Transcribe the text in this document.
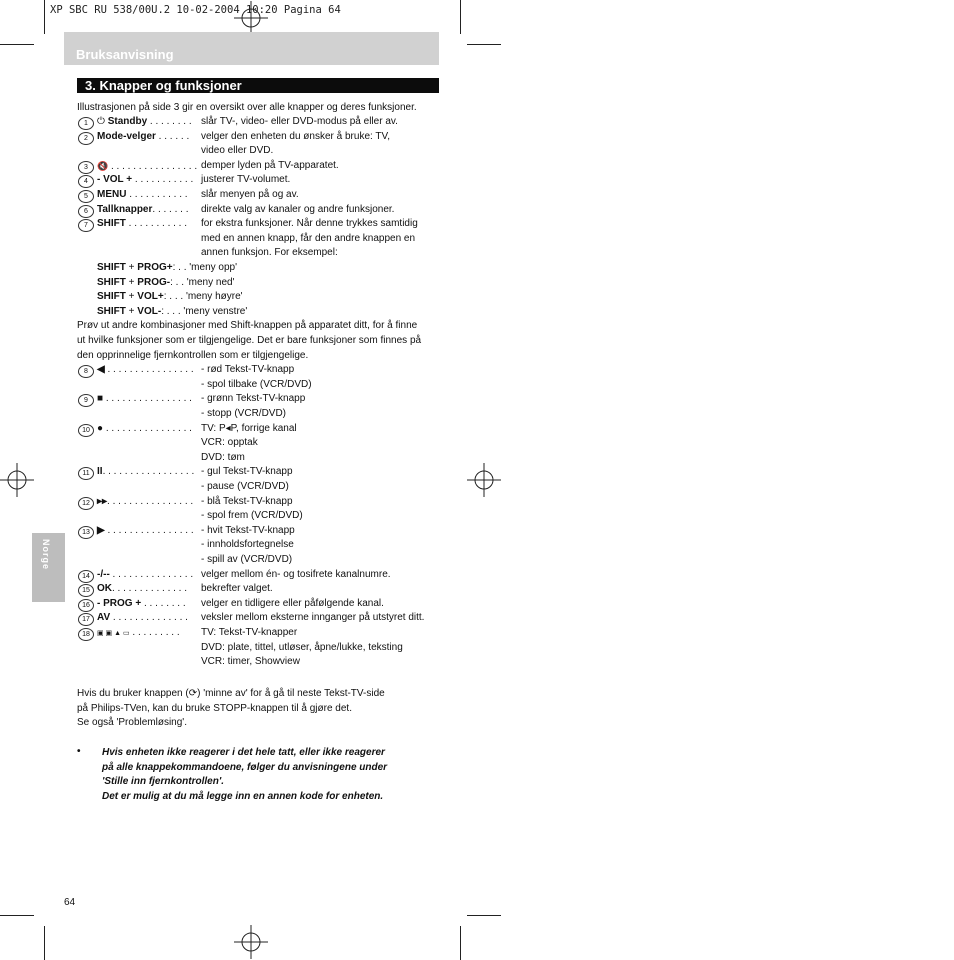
XP SBC RU 538/00U.2 10-02-2004 10:20 Pagina 64
Bruksanvisning
3. Knapper og funksjoner
Norge
Illustrasjonen på side 3 gir en oversikt over alle knapper og deres funksjoner.
1 ⏻ Standby . . . . . . . . slår TV-, video- eller DVD-modus på eller av.
2 Mode-velger . . . . . . velger den enheten du ønsker å bruke: TV,
video eller DVD.
3	🔇 . . . . . . . . . . . . . . . . demper lyden på TV-apparatet.
4 - VOL + . . . . . . . . . . . justerer TV-volumet.
5 MENU . . . . . . . . . . . slår menyen på og av.
6 Tallknapper. . . . . . . direkte valg av kanaler og andre funksjoner.
7 SHIFT . . . . . . . . . . . for ekstra funksjoner. Når denne trykkes samtidig
med en annen knapp, får den andre knappen en
annen funksjon. For eksempel:
SHIFT + PROG+: . . 'meny opp'
SHIFT + PROG-: . . 'meny ned'
SHIFT + VOL+: . . . 'meny høyre'
SHIFT + VOL-: . . . 'meny venstre'
Prøv ut andre kombinasjoner med Shift-knappen på apparatet ditt, for å finne
ut hvilke funksjoner som er tilgjengelige. Det er bare funksjoner som finnes på
den opprinnelige fjernkontrollen som er tilgjengelige.
8 ◀ . . . . . . . . . . . . . . . . - rød Tekst-TV-knapp
- spol tilbake (VCR/DVD)
9 ■ . . . . . . . . . . . . . . . . - grønn Tekst-TV-knapp
- stopp (VCR/DVD)
10 ● . . . . . . . . . . . . . . . . TV: P◂P, forrige kanal
VCR: opptak
DVD: tøm
11 II. . . . . . . . . . . . . . . . . - gul Tekst-TV-knapp
- pause (VCR/DVD)
12 ▸▸. . . . . . . . . . . . . . . . - blå Tekst-TV-knapp
- spol frem (VCR/DVD)
13 ▶ . . . . . . . . . . . . . . . . - hvit Tekst-TV-knapp
- innholdsfortegnelse
- spill av (VCR/DVD)
14 -/-- . . . . . . . . . . . . . . . velger mellom én- og tosifrete kanalnumre.
15 OK. . . . . . . . . . . . . . bekrefter valget.
16 - PROG + . . . . . . . . velger en tidligere eller påfølgende kanal.
17 AV . . . . . . . . . . . . . . veksler mellom eksterne innganger på utstyret ditt.
18	▣ ▣ ▲ ▭ . . . . . . . . . TV: Tekst-TV-knapper
DVD: plate, tittel, utløser, åpne/lukke, teksting
VCR: timer, Showview
Hvis du bruker knappen (⟳) 'minne av' for å gå til neste Tekst-TV-side
på Philips-TVen, kan du bruke STOPP-knappen til å gjøre det.
Se også 'Problemløsing'.
• Hvis enheten ikke reagerer i det hele tatt, eller ikke reagerer
på alle knappekommandoene, følger du anvisningene under
'Stille inn fjernkontrollen'.
Det er mulig at du må legge inn en annen kode for enheten.
64
